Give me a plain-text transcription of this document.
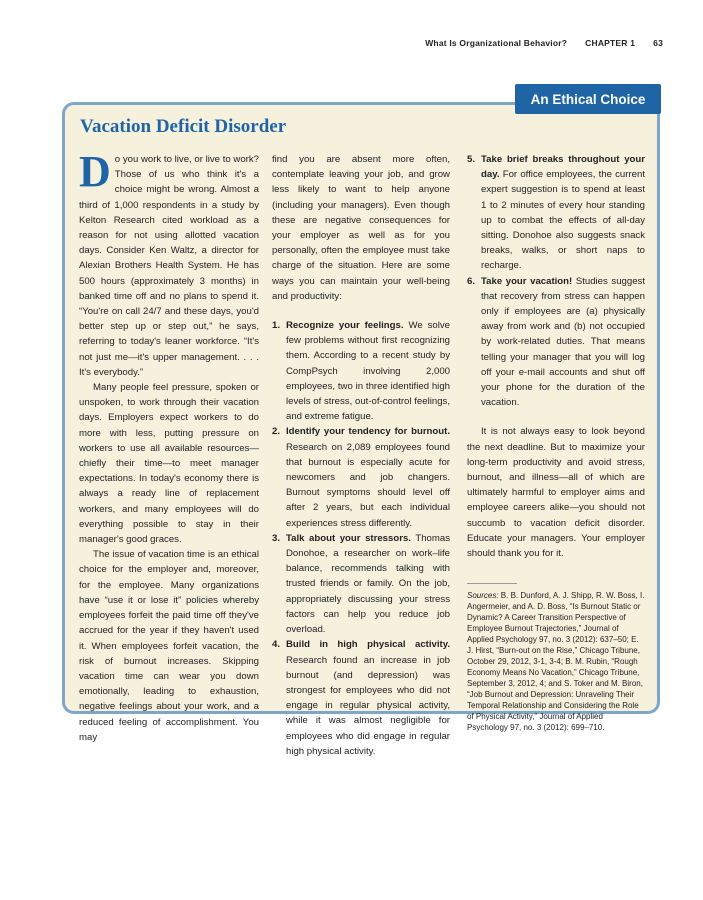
What Is Organizational Behavior? CHAPTER 1 63
An Ethical Choice
Vacation Deficit Disorder

Do you work to live, or live to work? Those of us who think it's a choice might be wrong. Almost a third of 1,000 respondents in a study by Kelton Research cited workload as a reason for not using allotted vacation days. Consider Ken Waltz, a director for Alexian Brothers Health System. He has 500 hours (approximately 3 months) in banked time off and no plans to spend it. “You're on call 24/7 and these days, you'd better step up or step out,” he says, referring to today's leaner workforce. “It's not just me—it's upper management. . . . It's everybody.”

Many people feel pressure, spoken or unspoken, to work through their vacation days. Employers expect workers to do more with less, putting pressure on workers to use all available resources—chiefly their time—to meet manager expectations. In today's economy there is always a ready line of replacement workers, and many employees will do everything possible to stay in their manager's good graces.

The issue of vacation time is an ethical choice for the employer and, moreover, for the employee. Many organizations have “use it or lose it” policies whereby employees forfeit the paid time off they've accrued for the year if they haven't used it. When employees forfeit vacation, the risk of burnout increases. Skipping vacation time can wear you down emotionally, leading to exhaustion, negative feelings about your work, and a reduced feeling of accomplishment. You may

find you are absent more often, contemplate leaving your job, and grow less likely to want to help anyone (including your managers). Even though these are negative consequences for your employer as well as for you personally, often the employee must take charge of the situation. Here are some ways you can maintain your well-being and productivity:

1. Recognize your feelings. We solve few problems without first recognizing them. According to a recent study by CompPsych involving 2,000 employees, two in three identified high levels of stress, out-of-control feelings, and extreme fatigue.
2. Identify your tendency for burnout. Research on 2,089 employees found that burnout is especially acute for newcomers and job changers. Burnout symptoms should level off after 2 years, but each individual experiences stress differently.
3. Talk about your stressors. Thomas Donohoe, a researcher on work–life balance, recommends talking with trusted friends or family. On the job, appropriately discussing your stress factors can help you reduce job overload.
4. Build in high physical activity. Research found an increase in job burnout (and depression) was strongest for employees who did not engage in regular physical activity, while it was almost negligible for employees who did engage in regular high physical activity.
5. Take brief breaks throughout your day. For office employees, the current expert suggestion is to spend at least 1 to 2 minutes of every hour standing up to combat the effects of all-day sitting. Donohoe also suggests snack breaks, walks, or short naps to recharge.
6. Take your vacation! Studies suggest that recovery from stress can happen only if employees are (a) physically away from work and (b) not occupied by work-related duties. That means telling your manager that you will log off your e-mail accounts and shut off your phone for the duration of the vacation.

It is not always easy to look beyond the next deadline. But to maximize your long-term productivity and avoid stress, burnout, and illness—all of which are ultimately harmful to employer aims and employee careers alike—you should not succumb to vacation deficit disorder. Educate your managers. Your employer should thank you for it.

Sources: B. B. Dunford, A. J. Shipp, R. W. Boss, I. Angermeier, and A. D. Boss, “Is Burnout Static or Dynamic? A Career Transition Perspective of Employee Burnout Trajectories,” Journal of Applied Psychology 97, no. 3 (2012): 637–50; E. J. Hirst, “Burn-out on the Rise,” Chicago Tribune, October 29, 2012, 3-1, 3-4; B. M. Rubin, “Rough Economy Means No Vacation,” Chicago Tribune, September 3, 2012, 4; and S. Toker and M. Biron, “Job Burnout and Depression: Unraveling Their Temporal Relationship and Considering the Role of Physical Activity,” Journal of Applied Psychology 97, no. 3 (2012): 699–710.
